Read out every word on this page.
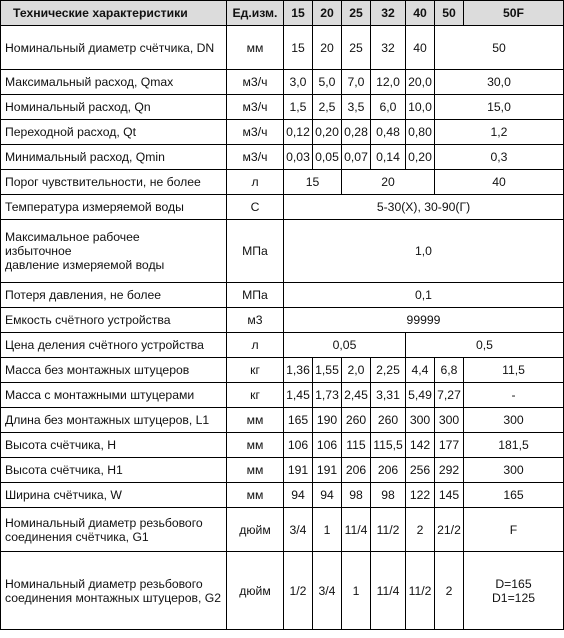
Технические характеристики	Ед.изм.	15	20	25	32	40	50	50F
Номинальный диаметр счётчика, DN	мм	15	20	25	32	40	50	
Максимальный расход, Qmax	м3/ч	3,0	5,0	7,0	12,0	20,0	30,0	
Номинальный расход, Qn	м3/ч	1,5	2,5	3,5	6,0	10,0	15,0	
Переходной расход, Qt	м3/ч	0,12	0,20	0,28	0,48	0,80	1,2	
Минимальный расход, Qmin	м3/ч	0,03	0,05	0,07	0,14	0,20	0,3	
Порог чувствительности, не более	л	15		20			40	
Температура измеряемой воды	С	5-30(Х), 30-90(Г)						

Максимальное рабочее
избыточное
давление измеряемой воды	МПа	1,0						
Потеря давления, не более	МПа	0,1						
Емкость счётного устройства	м3	99999						
Цена деления счётного устройства	л	0,05				0,5		
Масса без монтажных штуцеров	кг	1,36	1,55	2,0	2,25	4,4	6,8	11,5
Масса с монтажными штуцерами	кг	1,45	1,73	2,45	3,31	5,49	7,27	-
Длина без монтажных штуцеров, L1	мм	165	190	260	260	300	300	300
Высота счётчика, H	мм	106	106	115	115,5	142	177	181,5
Высота счётчика, H1	мм	191	191	206	206	256	292	300
Ширина счётчика, W	мм	94	94	98	98	122	145	165
Номинальный диаметр резьбового соединения счётчика, G1	дюйм	3/4	1	11/4	11/2	2	21/2	F
Номинальный диаметр резьбового соединения монтажных штуцеров, G2	дюйм	1/2	3/4	1	11/4	11/2	2	D=165
D1=125
